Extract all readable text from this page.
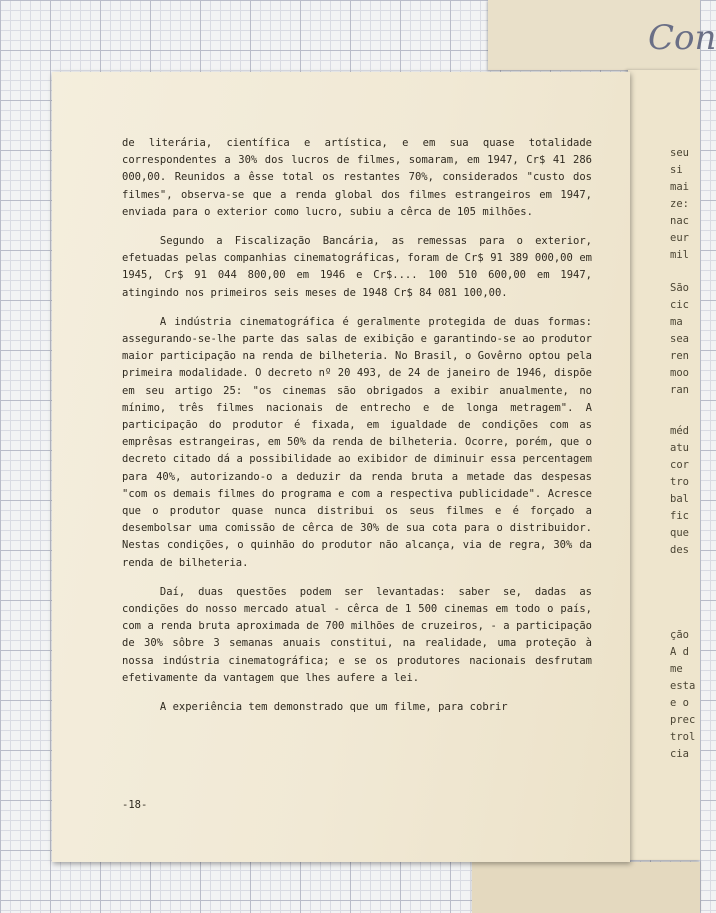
Con
seu
si
mai
ze:
nac
eur
mil
São
cic
ma
sea
ren
moo
ran
méd
atu
cor
tro
bal
fic
que
des
ção
A d
me
esta
e o
prec
trol
cia

de literária, científica e artística, e em sua quase totalidade correspondentes a 30% dos lucros de filmes, somaram, em 1947, Cr$ 41 286 000,00. Reunidos a êsse total os restantes 70%, considerados "custo dos filmes", observa-se que a renda global dos filmes estrangeiros em 1947, enviada para o exterior como lucro, subiu a cêrca de 105 milhões.

Segundo a Fiscalização Bancária, as remessas para o exterior, efetuadas pelas companhias cinematográficas, foram de Cr$ 91 389 000,00 em 1945, Cr$ 91 044 800,00 em 1946 e Cr$.... 100 510 600,00 em 1947, atingindo nos primeiros seis meses de 1948 Cr$ 84 081 100,00.

A indústria cinematográfica é geralmente protegida de duas formas: assegurando-se-lhe parte das salas de exibição e garantindo-se ao produtor maior participação na renda de bilheteria. No Brasil, o Govêrno optou pela primeira modalidade. O decreto nº 20 493, de 24 de janeiro de 1946, dispõe em seu artigo 25: "os cinemas são obrigados a exibir anualmente, no mínimo, três filmes nacionais de entrecho e de longa metragem". A participação do produtor é fixada, em igualdade de condições com as emprêsas estrangeiras, em 50% da renda de bilheteria. Ocorre, porém, que o decreto citado dá a possibilidade ao exibidor de diminuir essa percentagem para 40%, autorizando-o a deduzir da renda bruta a metade das despesas "com os demais filmes do programa e com a respectiva publicidade". Acresce que o produtor quase nunca distribui os seus filmes e é forçado a desembolsar uma comissão de cêrca de 30% de sua cota para o distribuidor. Nestas condições, o quinhão do produtor não alcança, via de regra, 30% da renda de bilheteria.

Daí, duas questões podem ser levantadas: saber se, dadas as condições do nosso mercado atual - cêrca de 1 500 cinemas em todo o país, com a renda bruta aproximada de 700 milhões de cruzeiros, - a participação de 30% sôbre 3 semanas anuais constitui, na realidade, uma proteção à nossa indústria cinematográfica; e se os produtores nacionais desfrutam efetivamente da vantagem que lhes aufere a lei.

A experiência tem demonstrado que um filme, para cobrir

-18-
